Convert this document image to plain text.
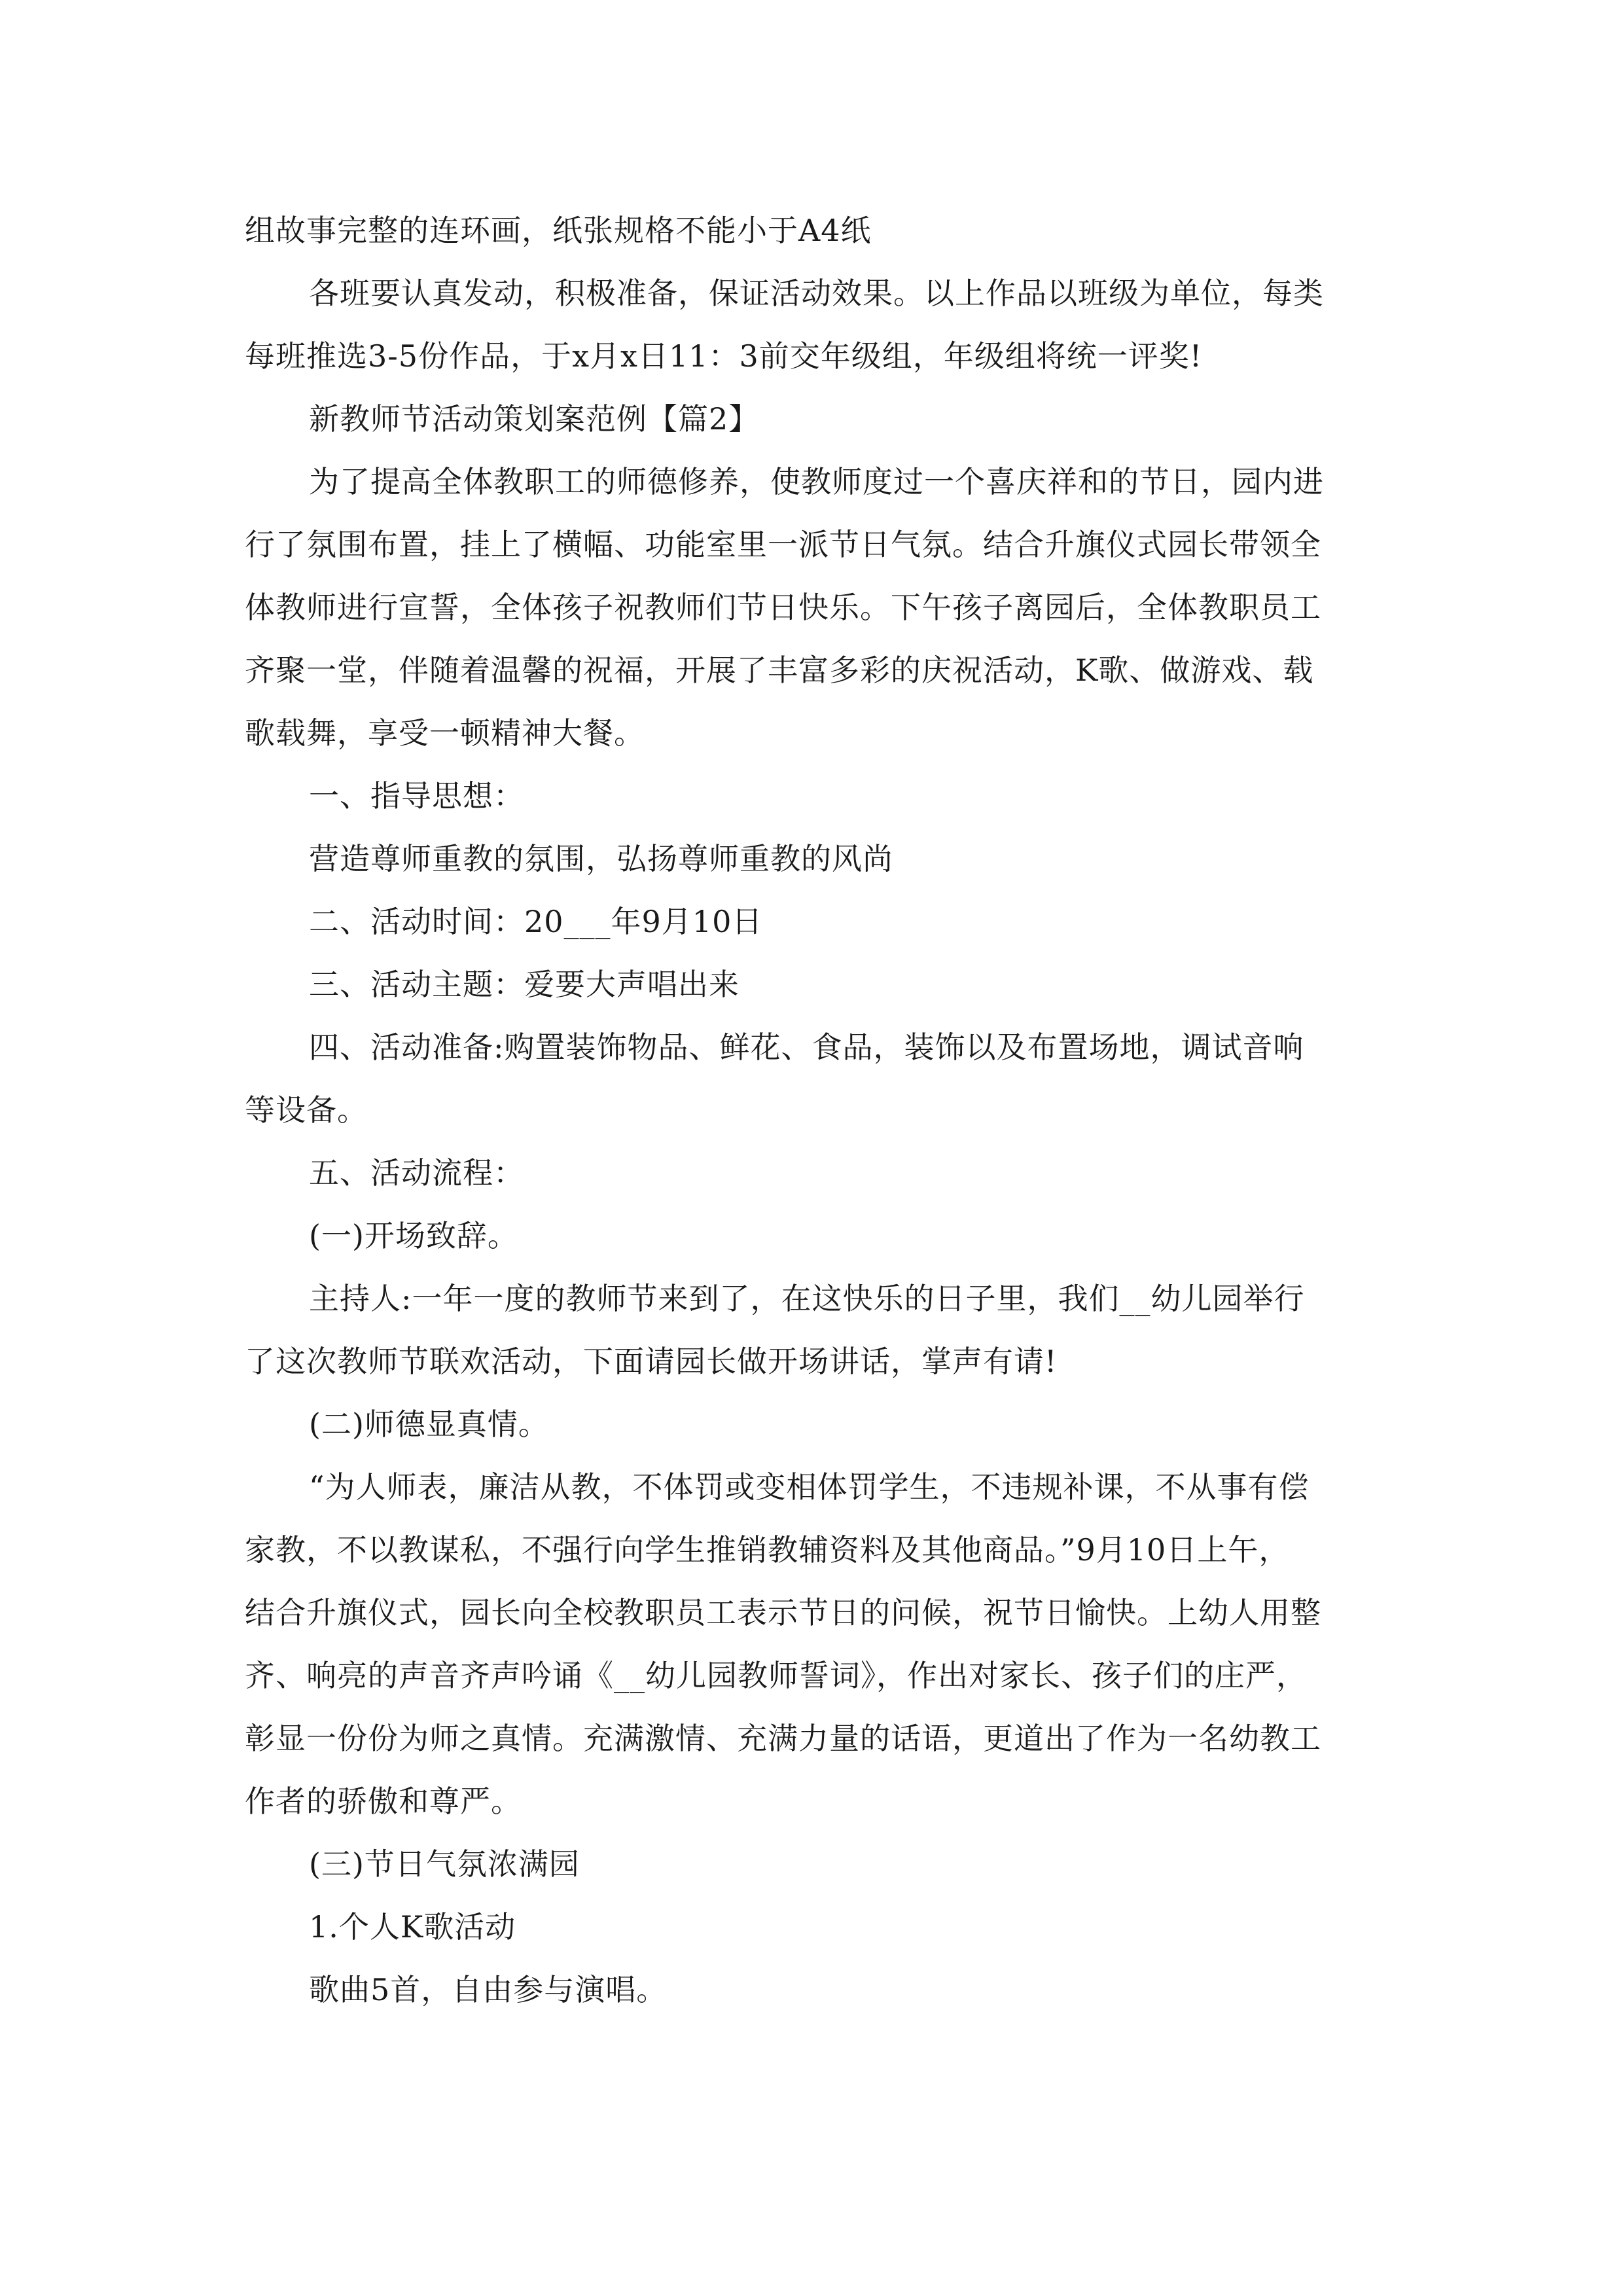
组故事完整的连环画，纸张规格不能小于A4纸
各班要认真发动，积极准备，保证活动效果。以上作品以班级为单位，每类
每班推选3-5份作品，于x月x日11：3前交年级组，年级组将统一评奖!
新教师节活动策划案范例【篇2】
为了提高全体教职工的师德修养，使教师度过一个喜庆祥和的节日，园内进
行了氛围布置，挂上了横幅、功能室里一派节日气氛。结合升旗仪式园长带领全
体教师进行宣誓，全体孩子祝教师们节日快乐。下午孩子离园后，全体教职员工
齐聚一堂，伴随着温馨的祝福，开展了丰富多彩的庆祝活动，K歌、做游戏、载
歌载舞，享受一顿精神大餐。
一、指导思想：
营造尊师重教的氛围，弘扬尊师重教的风尚
二、活动时间：20___年9月10日
三、活动主题：爱要大声唱出来
四、活动准备:购置装饰物品、鲜花、食品，装饰以及布置场地，调试音响
等设备。
五、活动流程：
(一)开场致辞。
主持人:一年一度的教师节来到了，在这快乐的日子里，我们__幼儿园举行
了这次教师节联欢活动，下面请园长做开场讲话，掌声有请!
(二)师德显真情。
“为人师表，廉洁从教，不体罚或变相体罚学生，不违规补课，不从事有偿
家教，不以教谋私，不强行向学生推销教辅资料及其他商品。”9月10日上午，
结合升旗仪式，园长向全校教职员工表示节日的问候，祝节日愉快。上幼人用整
齐、响亮的声音齐声吟诵《__幼儿园教师誓词》，作出对家长、孩子们的庄严，
彰显一份份为师之真情。充满激情、充满力量的话语，更道出了作为一名幼教工
作者的骄傲和尊严。
(三)节日气氛浓满园
1.个人K歌活动
歌曲5首，自由参与演唱。
